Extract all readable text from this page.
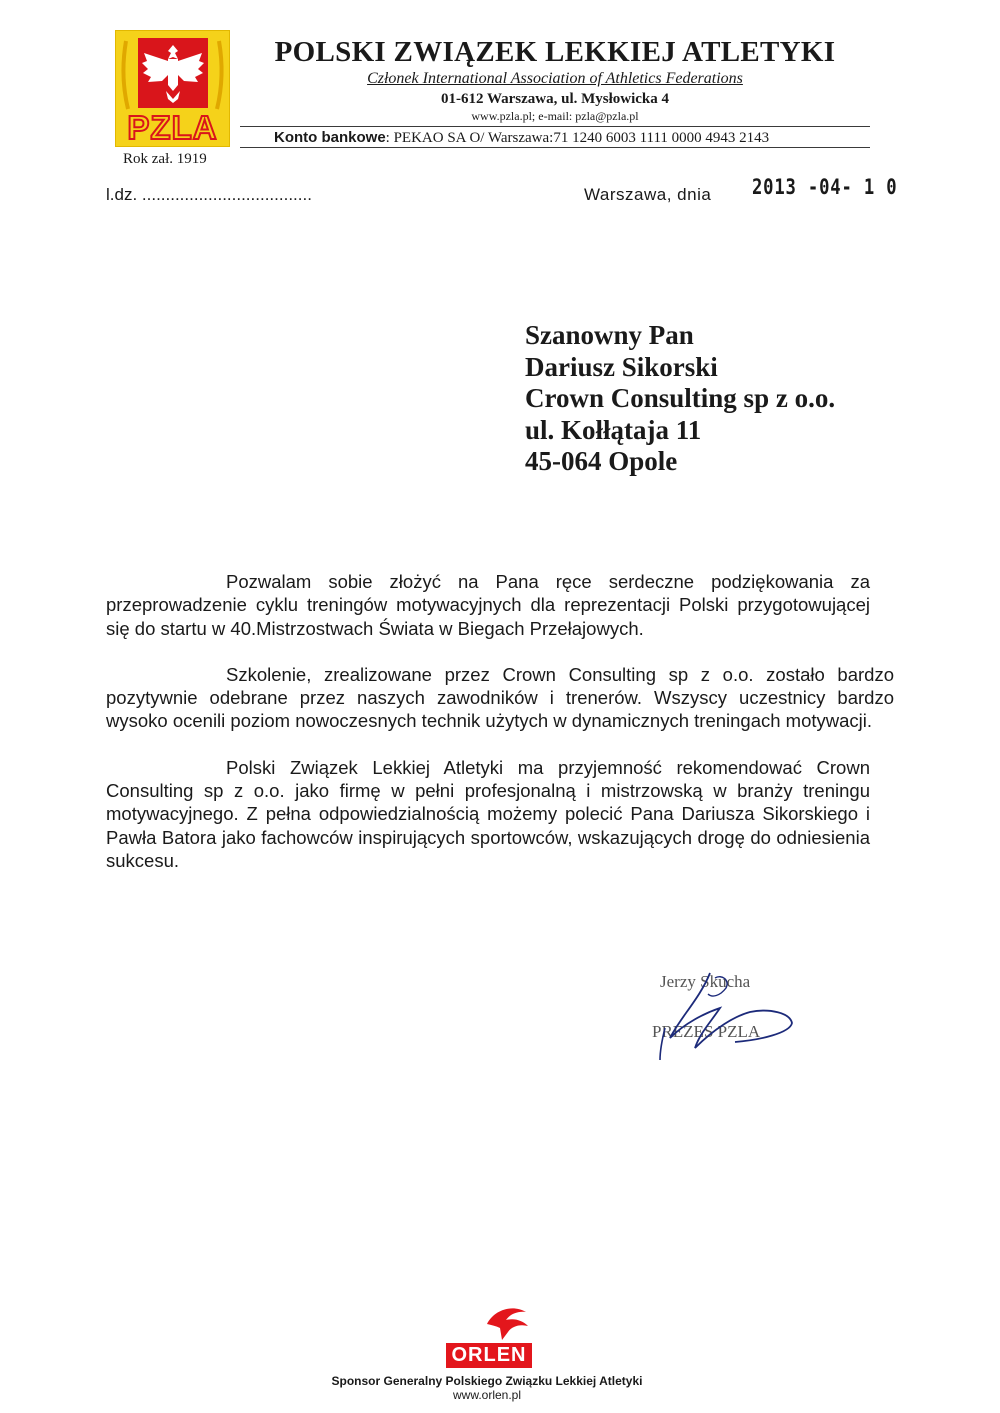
PZLA
Rok zał. 1919
POLSKI ZWIĄZEK LEKKIEJ ATLETYKI
Członek International Association of Athletics Federations
01-612 Warszawa, ul. Mysłowicka 4
www.pzla.pl; e-mail: pzla@pzla.pl
Konto bankowe: PEKAO SA O/ Warszawa:71 1240 6003 1111 0000 4943 2143
l.dz. ....................................	Warszawa, dnia 2013 -04- 1 0
Szanowny Pan
Dariusz Sikorski
Crown Consulting sp z o.o.
ul. Kołłątaja 11
45-064 Opole

Pozwalam sobie złożyć na Pana ręce serdeczne podziękowania za przeprowadzenie cyklu treningów motywacyjnych dla reprezentacji Polski przygotowującej się do startu w 40.Mistrzostwach Świata w Biegach Przełajowych.

Szkolenie, zrealizowane przez Crown Consulting sp z o.o. zostało bardzo pozytywnie odebrane przez naszych zawodników i trenerów. Wszyscy uczestnicy bardzo wysoko ocenili poziom nowoczesnych technik użytych w dynamicznych treningach motywacji.

Polski Związek Lekkiej Atletyki ma przyjemność rekomendować Crown Consulting sp z o.o. jako firmę w pełni profesjonalną i mistrzowską w branży treningu motywacyjnego. Z pełna odpowiedzialnością możemy polecić Pana Dariusza Sikorskiego i Pawła Batora jako fachowców inspirujących sportowców, wskazujących drogę do odniesienia sukcesu.

Jerzy Skucha
PREZES PZLA
ORLEN
Sponsor Generalny Polskiego Związku Lekkiej Atletyki
www.orlen.pl
